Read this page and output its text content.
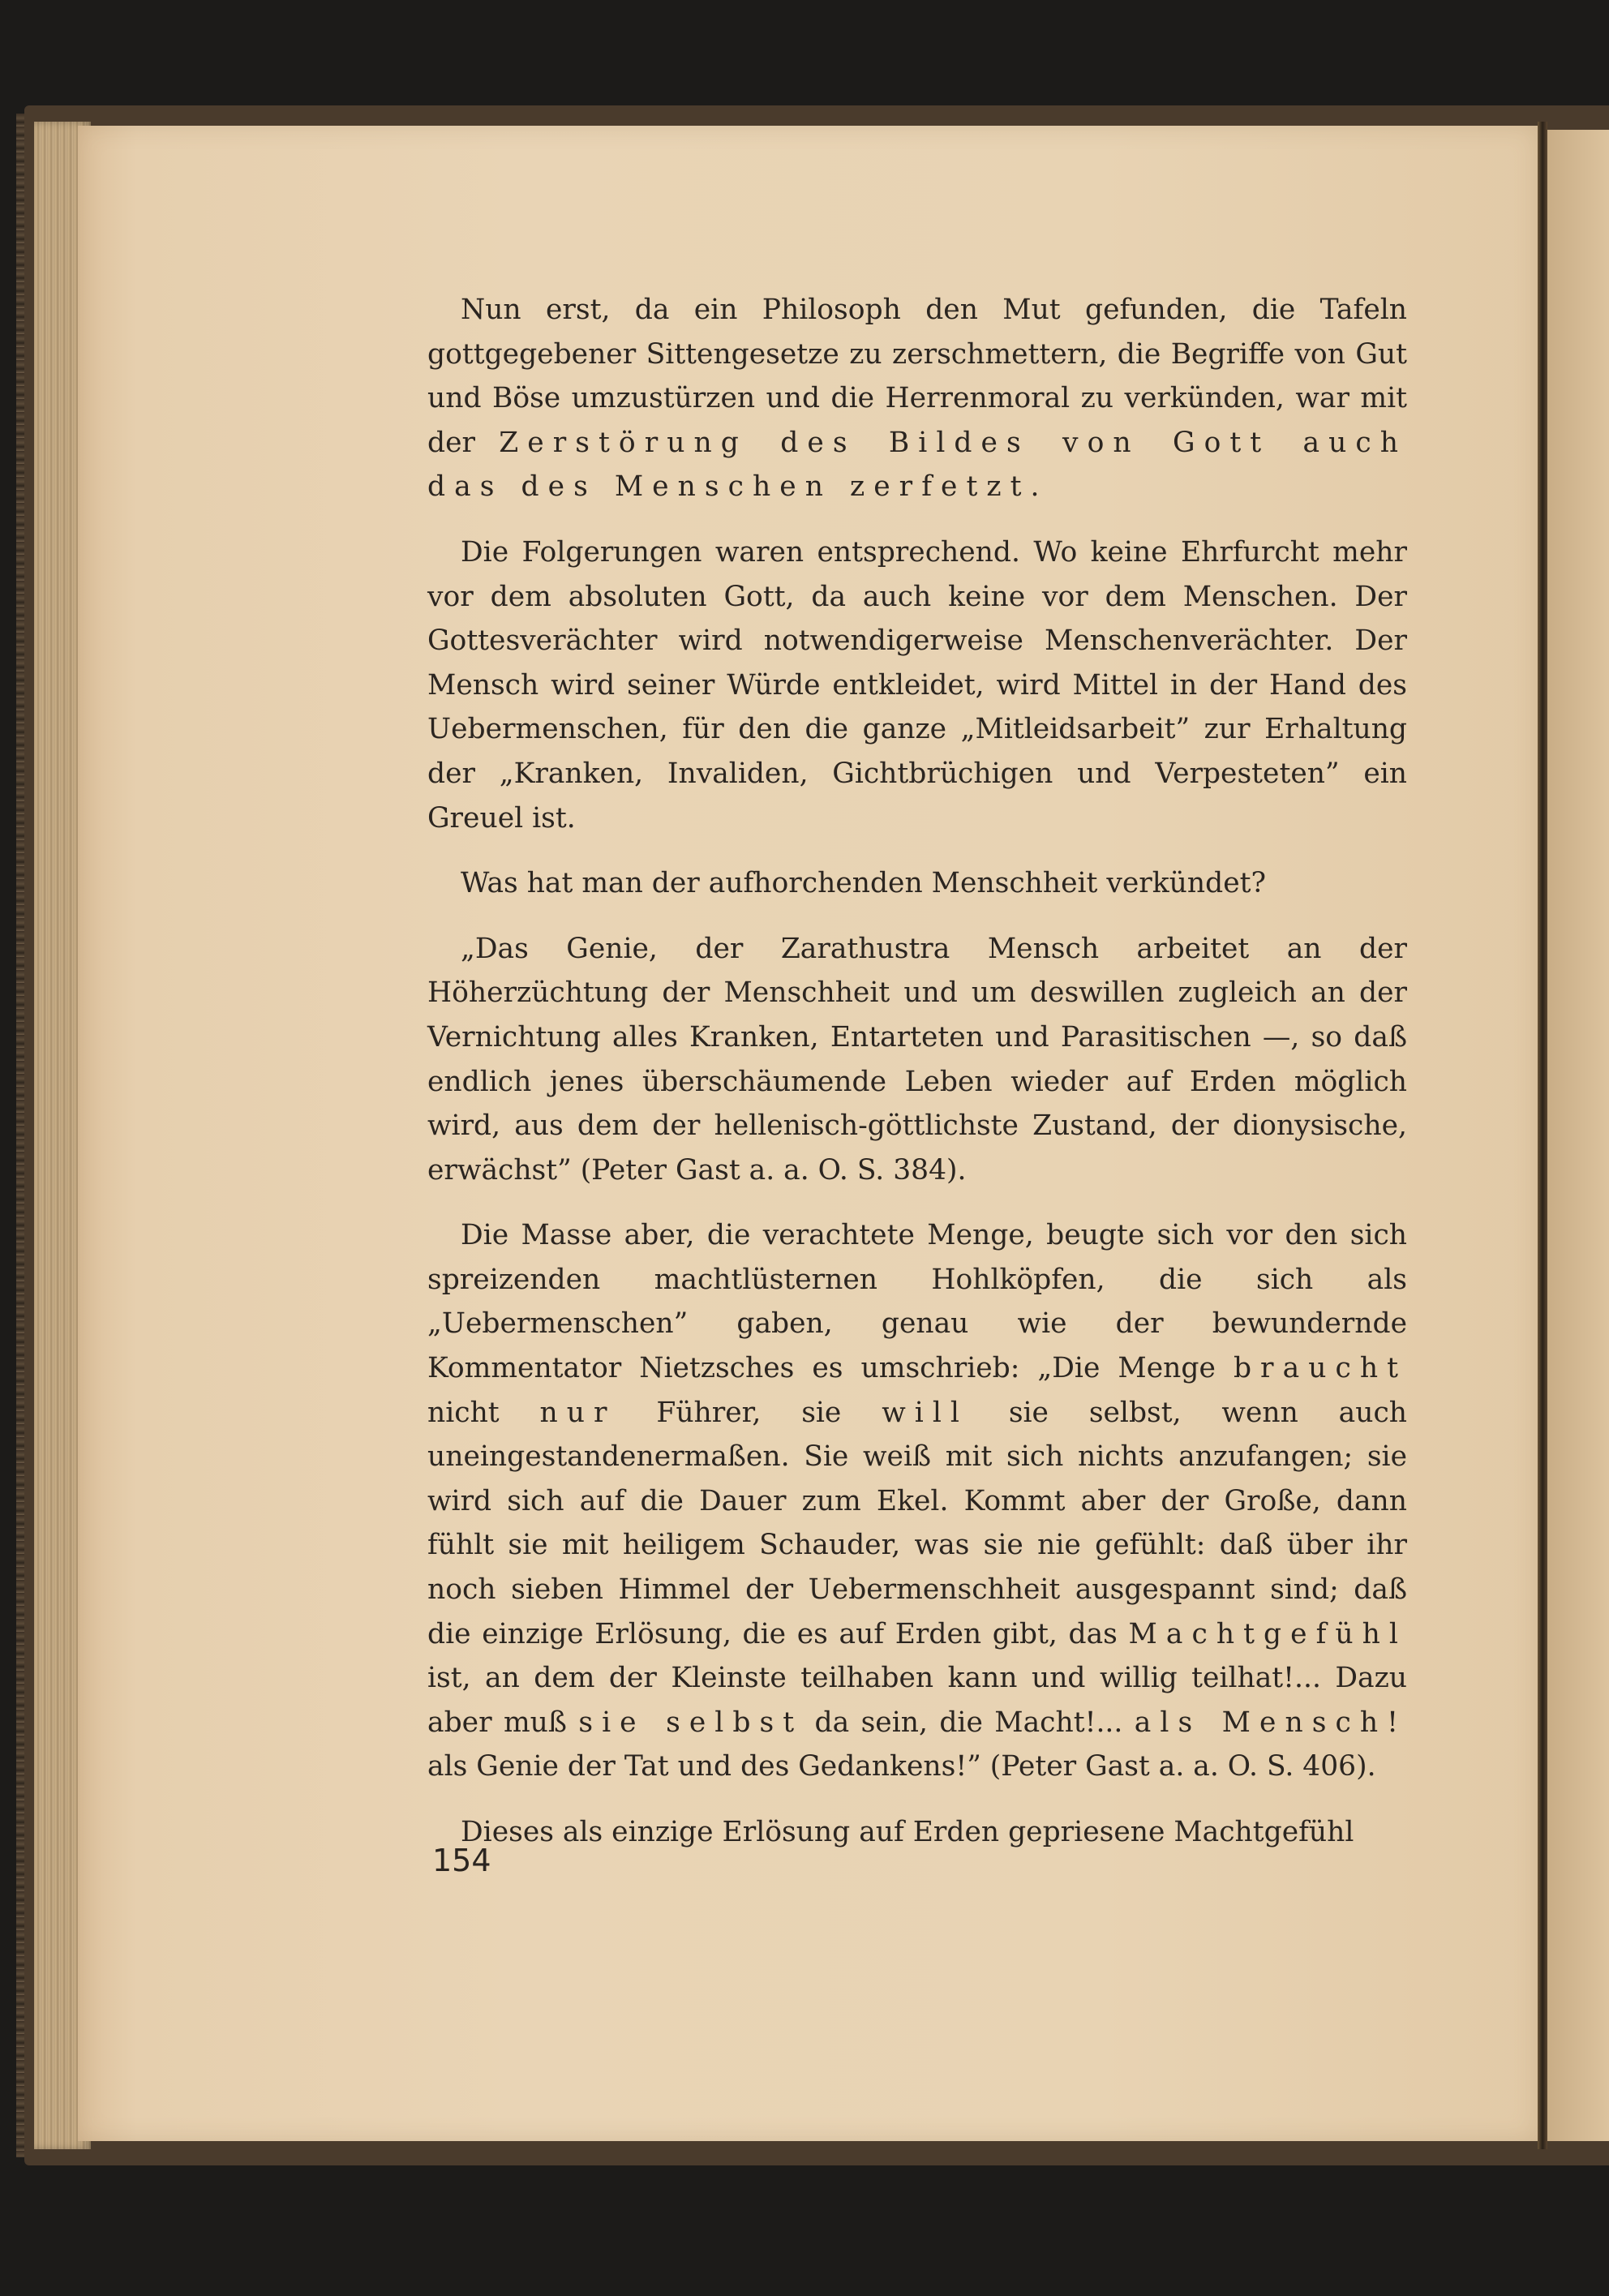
Nun erst, da ein Philosoph den Mut gefunden, die Tafeln gottgegebener Sittengesetze zu zerschmettern, die Begriffe von Gut und Böse umzustürzen und die Herrenmoral zu verkünden, war mit der Zerstörung des Bildes von Gott auch das des Menschen zerfetzt.

Die Folgerungen waren entsprechend. Wo keine Ehrfurcht mehr vor dem absoluten Gott, da auch keine vor dem Menschen. Der Gottesverächter wird notwendigerweise Menschenverächter. Der Mensch wird seiner Würde entkleidet, wird Mittel in der Hand des Uebermenschen, für den die ganze „Mitleidsarbeit” zur Erhaltung der „Kranken, Invaliden, Gichtbrüchigen und Verpesteten” ein Greuel ist.

Was hat man der aufhorchenden Menschheit verkündet?

„Das Genie, der Zarathustra Mensch arbeitet an der Höherzüchtung der Menschheit und um deswillen zugleich an der Vernichtung alles Kranken, Entarteten und Parasitischen —, so daß endlich jenes überschäumende Leben wieder auf Erden möglich wird, aus dem der hellenisch-göttlichste Zustand, der dionysische, erwächst” (Peter Gast a. a. O. S. 384).

Die Masse aber, die verachtete Menge, beugte sich vor den sich spreizenden machtlüsternen Hohlköpfen, die sich als „Uebermenschen” gaben, genau wie der bewundernde Kommentator Nietzsches es umschrieb: „Die Menge braucht nicht nur Führer, sie will sie selbst, wenn auch uneingestandenermaßen. Sie weiß mit sich nichts anzufangen; sie wird sich auf die Dauer zum Ekel. Kommt aber der Große, dann fühlt sie mit heiligem Schauder, was sie nie gefühlt: daß über ihr noch sieben Himmel der Uebermenschheit ausgespannt sind; daß die einzige Erlösung, die es auf Erden gibt, das Machtgefühl ist, an dem der Kleinste teilhaben kann und willig teilhat!... Dazu aber muß sie selbst da sein, die Macht!... als Mensch! als Genie der Tat und des Gedankens!” (Peter Gast a. a. O. S. 406).

Dieses als einzige Erlösung auf Erden gepriesene Machtgefühl

154
